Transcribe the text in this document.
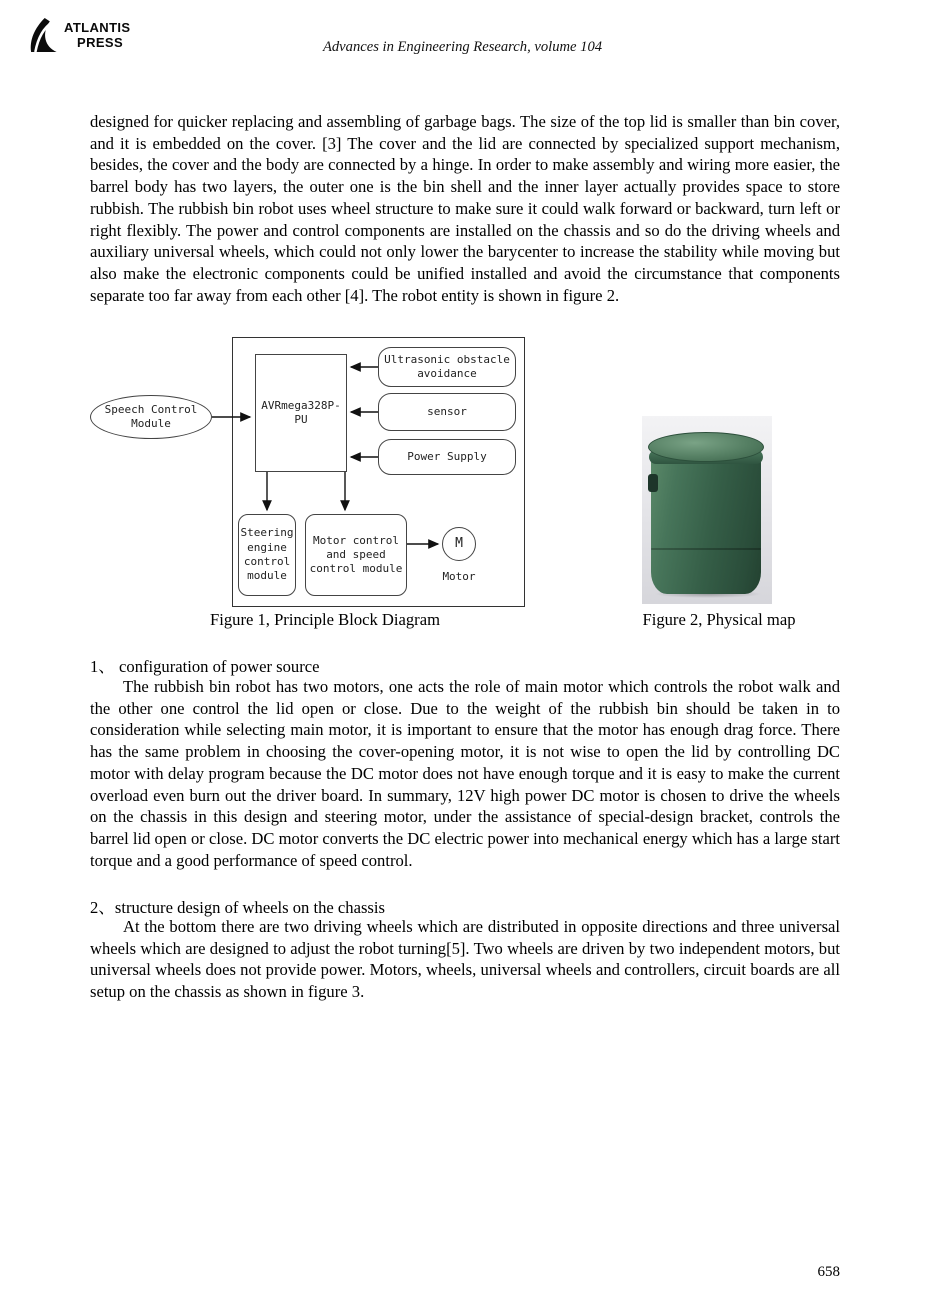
ATLANTIS
PRESS	Advances in Engineering Research, volume 104
designed for quicker replacing and assembling of garbage bags. The size of the top lid is smaller than bin cover, and it is embedded on the cover. [3] The cover and the lid are connected by specialized support mechanism, besides, the cover and the body are connected by a hinge. In order to make assembly and wiring more easier, the barrel body has two layers, the outer one is the bin shell and the inner layer actually provides space to store rubbish. The rubbish bin robot uses wheel structure to make sure it could walk forward or backward, turn left or right flexibly. The power and control components are installed on the chassis and so do the driving wheels and auxiliary universal wheels, which could not only lower the barycenter to increase the stability while moving but also make the electronic components could be unified installed and avoid the circumstance that components separate too far away from each other [4]. The robot entity is shown in figure 2.
Speech Control Module
AVRmega328P-PU
Ultrasonic obstacle avoidance
sensor
Power Supply
Steering engine control module
Motor control and speed control module
M
Motor
Figure 1, Principle Block Diagram	Figure 2, Physical map
1、 configuration of power source
The rubbish bin robot has two motors, one acts the role of main motor which controls the robot walk and the other one control the lid open or close. Due to the weight of the rubbish bin should be taken in to consideration while selecting main motor, it is important to ensure that the motor has enough drag force. There has the same problem in choosing the cover-opening motor, it is not wise to open the lid by controlling DC motor with delay program because the DC motor does not have enough torque and it is easy to make the current overload even burn out the driver board. In summary, 12V high power DC motor is chosen to drive the wheels on the chassis in this design and steering motor, under the assistance of special-design bracket, controls the barrel lid open or close. DC motor converts the DC electric power into mechanical energy which has a large start torque and a good performance of speed control.
2、structure design of wheels on the chassis
At the bottom there are two driving wheels which are distributed in opposite directions and three universal wheels which are designed to adjust the robot turning[5]. Two wheels are driven by two independent motors, but universal wheels does not provide power. Motors, wheels, universal wheels and controllers, circuit boards are all setup on the chassis as shown in figure 3.
658
